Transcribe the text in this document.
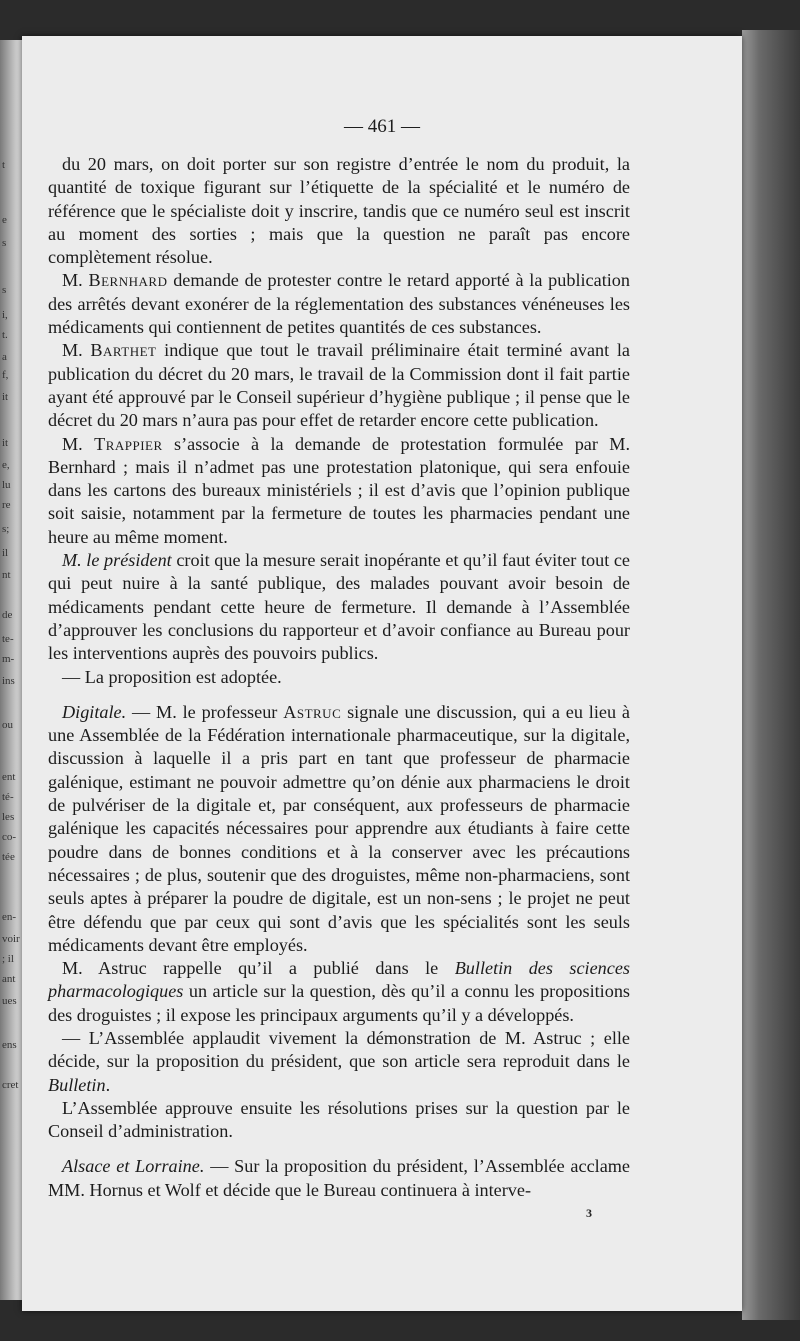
t
e
s
s
i,
t.
a
f,
it
it
e,
lu
re
s;
il
nt
de
te-
m-
ins
ou
ent
té-
les
co-
tée
en-
voir
; il
ant
ues
ens
cret
— 461 —

du 20 mars, on doit porter sur son registre d’entrée le nom du produit, la quantité de toxique figurant sur l’étiquette de la spécialité et le numéro de référence que le spécialiste doit y inscrire, tandis que ce numéro seul est inscrit au moment des sorties ; mais que la question ne paraît pas encore complètement résolue.

M. Bernhard demande de protester contre le retard apporté à la publication des arrêtés devant exonérer de la réglementation des substances vénéneuses les médicaments qui contiennent de petites quantités de ces substances.

M. Barthet indique que tout le travail préliminaire était terminé avant la publication du décret du 20 mars, le travail de la Commission dont il fait partie ayant été approuvé par le Conseil supérieur d’hygiène publique ; il pense que le décret du 20 mars n’aura pas pour effet de retarder encore cette publication.

M. Trappier s’associe à la demande de protestation formulée par M. Bernhard ; mais il n’admet pas une protestation platonique, qui sera enfouie dans les cartons des bureaux ministériels ; il est d’avis que l’opinion publique soit saisie, notamment par la fermeture de toutes les pharmacies pendant une heure au même moment.

M. le président croit que la mesure serait inopérante et qu’il faut éviter tout ce qui peut nuire à la santé publique, des malades pouvant avoir besoin de médicaments pendant cette heure de fermeture. Il demande à l’Assemblée d’approuver les conclusions du rapporteur et d’avoir confiance au Bureau pour les interventions auprès des pouvoirs publics.

— La proposition est adoptée.

Digitale. — M. le professeur Astruc signale une discussion, qui a eu lieu à une Assemblée de la Fédération internationale pharmaceutique, sur la digitale, discussion à laquelle il a pris part en tant que professeur de pharmacie galénique, estimant ne pouvoir admettre qu’on dénie aux pharmaciens le droit de pulvériser de la digitale et, par conséquent, aux professeurs de pharmacie galénique les capacités nécessaires pour apprendre aux étudiants à faire cette poudre dans de bonnes conditions et à la conserver avec les précautions nécessaires ; de plus, soutenir que des droguistes, même non-pharmaciens, sont seuls aptes à préparer la poudre de digitale, est un non-sens ; le projet ne peut être défendu que par ceux qui sont d’avis que les spécialités sont les seuls médicaments devant être employés.

M. Astruc rappelle qu’il a publié dans le Bulletin des sciences pharmacologiques un article sur la question, dès qu’il a connu les propositions des droguistes ; il expose les principaux arguments qu’il y a développés.

— L’Assemblée applaudit vivement la démonstration de M. Astruc ; elle décide, sur la proposition du président, que son article sera reproduit dans le Bulletin.

L’Assemblée approuve ensuite les résolutions prises sur la question par le Conseil d’administration.

Alsace et Lorraine. — Sur la proposition du président, l’Assemblée acclame MM. Hornus et Wolf et décide que le Bureau continuera à interve-

3
